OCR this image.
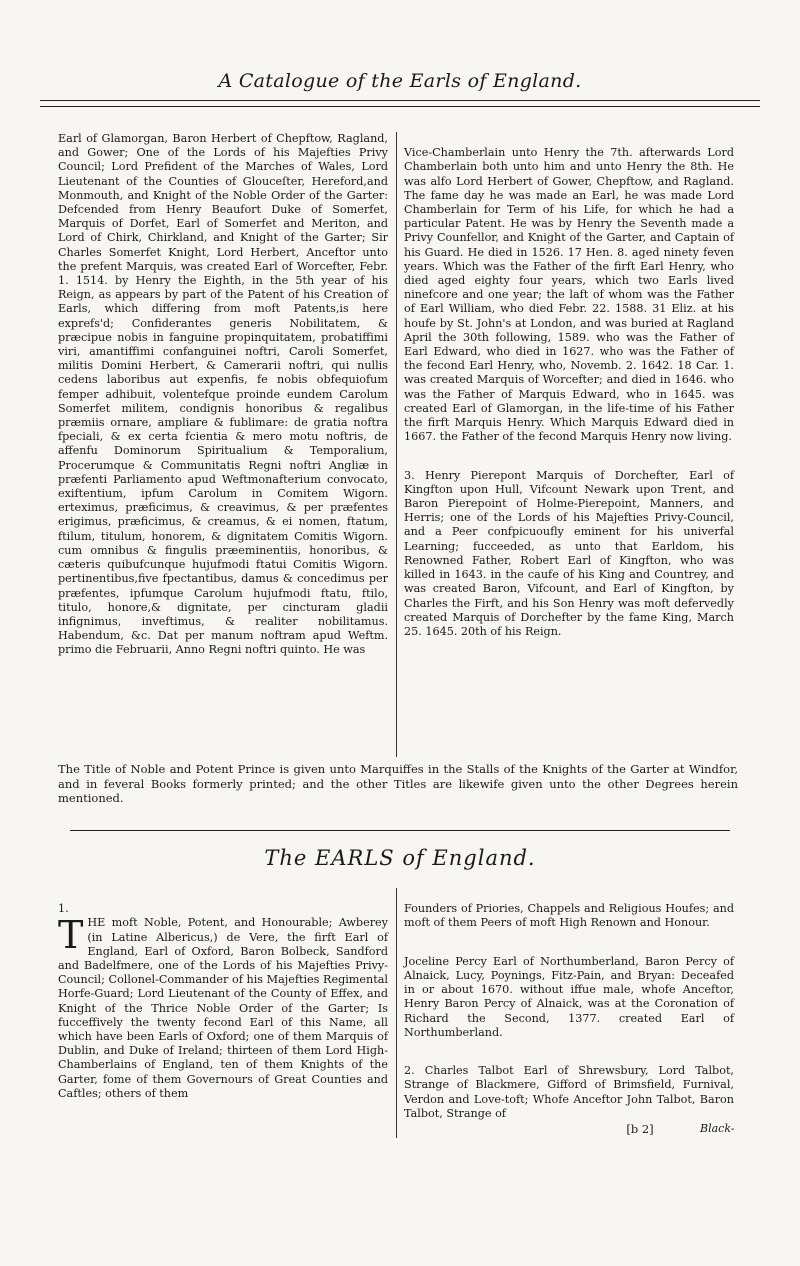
A Catalogue of the Earls of England.
Earl of Glamorgan, Baron Herbert of Chepftow, Ragland, and Gower; One of the Lords of his Majefties Privy Council; Lord Prefident of the Marches of Wales, Lord Lieutenant of the Counties of Glouceſter, Hereford,and Monmouth, and Knight of the Noble Order of the Garter: Defcended from Henry Beaufort Duke of Somerfet, Marquis of Dorfet, Earl of Somerfet and Meriton, and Lord of Chirk, Chirkland, and Knight of the Garter; Sir Charles Somerfet Knight, Lord Herbert, Anceftor unto the prefent Marquis, was created Earl of Worcefter, Febr. 1. 1514. by Henry the Eighth, in the 5th year of his Reign, as appears by part of the Patent of his Creation of Earls, which differing from moft Patents,is here exprefs'd; Confiderantes generis Nobilitatem, & præcipue nobis in fanguine propinquitatem, probatiffimi viri, amantiffimi confanguinei noftri, Caroli Somerfet, militis Domini Herbert, & Camerarii noftri, qui nullis cedens laboribus aut expenfis, fe nobis obfequiofum femper adhibuit, volentefque proinde eundem Carolum Somerfet militem, condignis honoribus & regalibus præmiis ornare, ampliare & fublimare: de gratia noftra fpeciali, & ex certa fcientia & mero motu noftris, de affenfu Dominorum Spiritualium & Temporalium, Procerumque & Communitatis Regni noftri Angliæ in præfenti Parliamento apud Weftmonafterium convocato, exiftentium, ipfum Carolum in Comitem Wigorn. erteximus, præficimus, & creavimus, & per præfentes erigimus, præficimus, & creamus, & ei nomen, ftatum, ftilum, titulum, honorem, & dignitatem Comitis Wigorn. cum omnibus & fingulis præeminentiis, honoribus, & cæteris quibufcunque hujufmodi ftatui Comitis Wigorn. pertinentibus,five fpectantibus, damus & concedimus per præfentes, ipfumque Carolum hujufmodi ftatu, ftilo, titulo, honore,& dignitate, per cincturam gladii infignimus, inveftimus, & realiter nobilitamus. Habendum, &c. Dat per manum noftram apud Weftm. primo die Februarii, Anno Regni noftri quinto. He was

Vice-Chamberlain unto Henry the 7th. afterwards Lord Chamberlain both unto him and unto Henry the 8th. He was alfo Lord Herbert of Gower, Chepftow, and Ragland. The fame day he was made an Earl, he was made Lord Chamberlain for Term of his Life, for which he had a particular Patent. He was by Henry the Seventh made a Privy Counfellor, and Knight of the Garter, and Captain of his Guard. He died in 1526. 17 Hen. 8. aged ninety feven years. Which was the Father of the firft Earl Henry, who died aged eighty four years, which two Earls lived ninefcore and one year; the laft of whom was the Father of Earl William, who died Febr. 22. 1588. 31 Eliz. at his houfe by St. John's at London, and was buried at Ragland April the 30th following, 1589. who was the Father of Earl Edward, who died in 1627. who was the Father of the fecond Earl Henry, who, Novemb. 2. 1642. 18 Car. 1. was created Marquis of Worcefter; and died in 1646. who was the Father of Marquis Edward, who in 1645. was created Earl of Glamorgan, in the life-time of his Father the firft Marquis Henry. Which Marquis Edward died in 1667. the Father of the fecond Marquis Henry now living.

3. Henry Pierepont Marquis of Dorchefter, Earl of Kingfton upon Hull, Vifcount Newark upon Trent, and Baron Pierepoint of Holme-Pierepoint, Manners, and Herris; one of the Lords of his Majefties Privy-Council, and a Peer confpicuoufly eminent for his univerfal Learning; fucceeded, as unto that Earldom, his Renowned Father, Robert Earl of Kingfton, who was killed in 1643. in the caufe of his King and Countrey, and was created Baron, Vifcount, and Earl of Kingfton, by Charles the Firft, and his Son Henry was moft defervedly created Marquis of Dorchefter by the fame King, March 25. 1645. 20th of his Reign.

The Title of Noble and Potent Prince is given unto Marquiffes in the Stalls of the Knights of the Garter at Windfor, and in feveral Books formerly printed; and the other Titles are likewife given unto the other Degrees herein mentioned.
The EARLS of England.

1.

T HE moft Noble, Potent, and Honourable; Awberey (in Latine Albericus,) de Vere, the firft Earl of England, Earl of Oxford, Baron Bolbeck, Sandford and Badelfmere, one of the Lords of his Majefties Privy-Council; Collonel-Commander of his Majefties Regimental Horfe-Guard; Lord Lieutenant of the County of Effex, and Knight of the Thrice Noble Order of the Garter; Is fucceffively the twenty fecond Earl of this Name, all which have been Earls of Oxford; one of them Marquis of Dublin, and Duke of Ireland; thirteen of them Lord High-Chamberlains of England, ten of them Knights of the Garter, fome of them Governours of Great Counties and Caftles; others of them

Founders of Priories, Chappels and Religious Houfes; and moft of them Peers of moft High Renown and Honour.

Joceline Percy Earl of Northumberland, Baron Percy of Alnaick, Lucy, Poynings, Fitz-Pain, and Bryan: Deceafed in or about 1670. without iffue male, whofe Anceftor, Henry Baron Percy of Alnaick, was at the Coronation of Richard the Second, 1377. created Earl of Northumberland.

2. Charles Talbot Earl of Shrewsbury, Lord Talbot, Strange of Blackmere, Gifford of Brimsfield, Furnival, Verdon and Love-toft; Whofe Anceftor John Talbot, Baron Talbot, Strange of

[b 2]	Black-
